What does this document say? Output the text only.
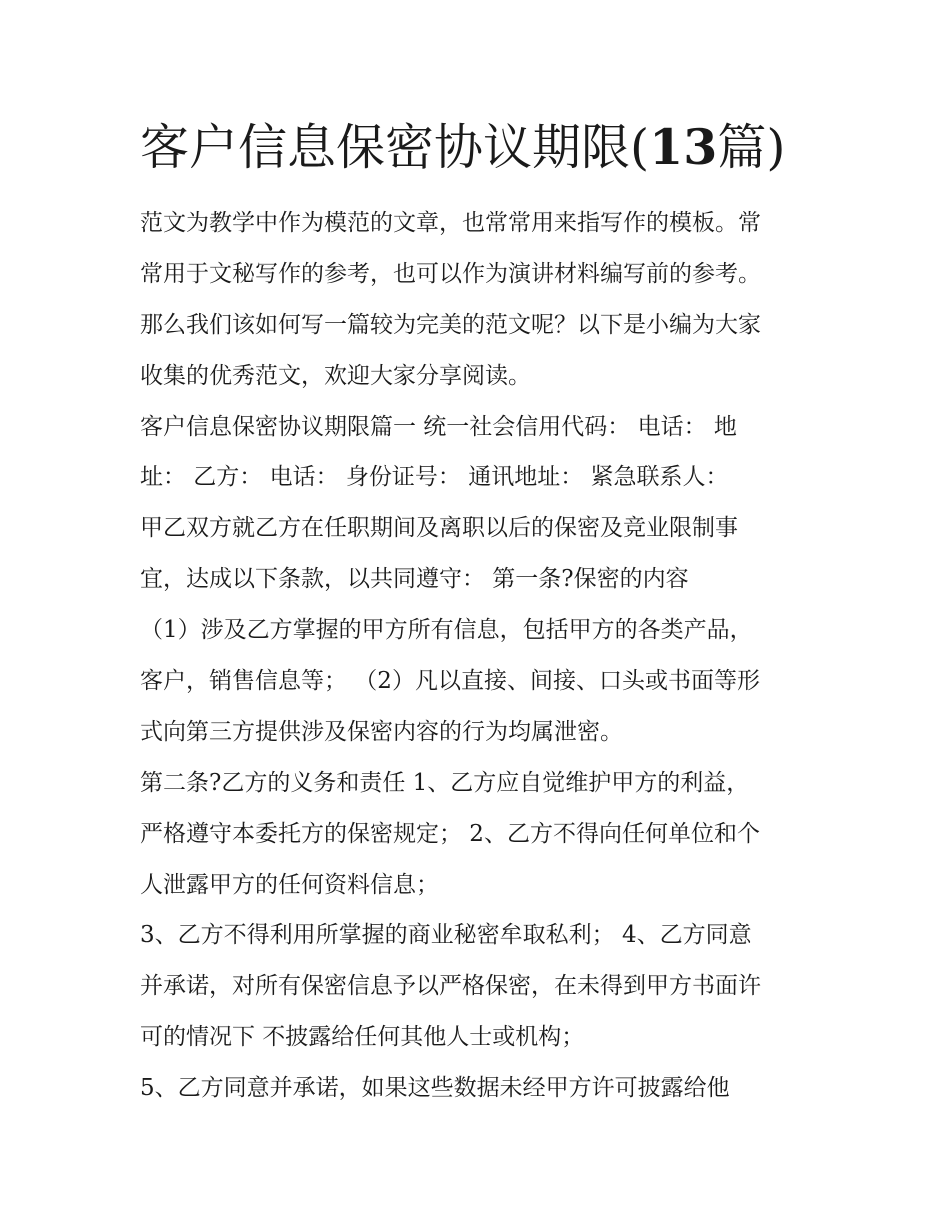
客户信息保密协议期限(13篇)
范文为教学中作为模范的文章，也常常用来指写作的模板。常
常用于文秘写作的参考，也可以作为演讲材料编写前的参考。
那么我们该如何写一篇较为完美的范文呢？以下是小编为大家
收集的优秀范文，欢迎大家分享阅读。
客户信息保密协议期限篇一 统一社会信用代码： 电话： 地
址： 乙方： 电话： 身份证号： 通讯地址： 紧急联系人：
甲乙双方就乙方在任职期间及离职以后的保密及竞业限制事
宜，达成以下条款，以共同遵守： 第一条?保密的内容
（1）涉及乙方掌握的甲方所有信息，包括甲方的各类产品，
客户，销售信息等； （2）凡以直接、间接、口头或书面等形
式向第三方提供涉及保密内容的行为均属泄密。
第二条?乙方的义务和责任 1、乙方应自觉维护甲方的利益，
严格遵守本委托方的保密规定； 2、乙方不得向任何单位和个
人泄露甲方的任何资料信息；
3、乙方不得利用所掌握的商业秘密牟取私利； 4、乙方同意
并承诺，对所有保密信息予以严格保密，在未得到甲方书面许
可的情况下 不披露给任何其他人士或机构；
5、乙方同意并承诺，如果这些数据未经甲方许可披露给他
